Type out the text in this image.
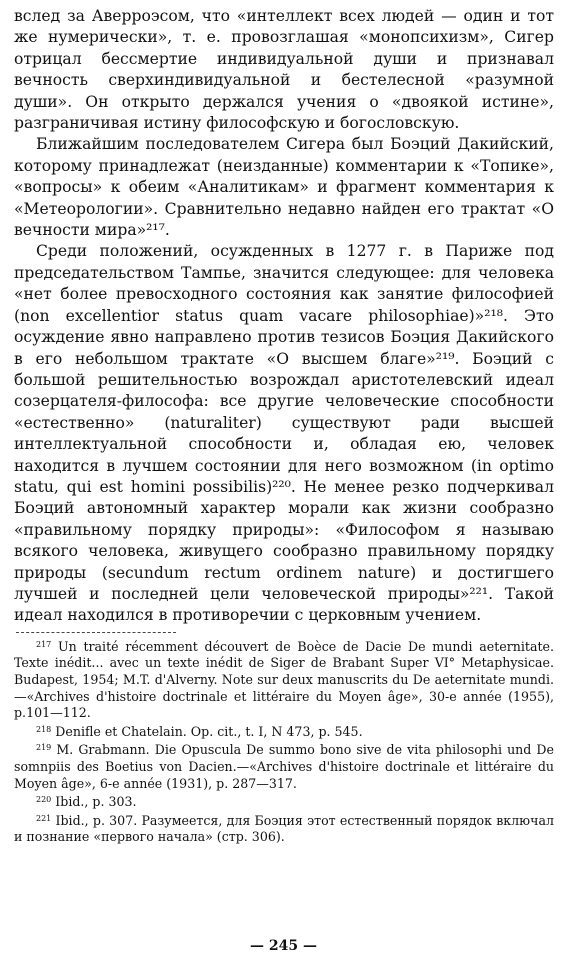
вслед за Аверроэсом, что «интеллект всех людей — один и тот же нумерически», т. е. провозглашая «монопсихизм», Сигер отрицал бессмертие индивидуальной души и признавал вечность сверхиндивидуальной и бестелесной «разумной души». Он открыто держался учения о «двоякой истине», разграничивая истину философскую и богословскую.

Ближайшим последователем Сигера был Боэций Дакийский, которому принадлежат (неизданные) комментарии к «Топике», «вопросы» к обеим «Аналитикам» и фрагмент комментария к «Метеорологии». Сравнительно недавно найден его трактат «О вечности мира»²¹⁷.

Среди положений, осужденных в 1277 г. в Париже под председательством Тампье, значится следующее: для человека «нет более превосходного состояния как занятие философией (non excellentior status quam vacare philosophiae)»²¹⁸. Это осуждение явно направлено против тезисов Боэция Дакийского в его небольшом трактате «О высшем благе»²¹⁹. Боэций с большой решительностью возрождал аристотелевский идеал созерцателя-философа: все другие человеческие способности «естественно» (naturaliter) существуют ради высшей интеллектуальной способности и, обладая ею, человек находится в лучшем состоянии для него возможном (in optimo statu, qui est homini possibilis)²²⁰. Не менее резко подчеркивал Боэций автономный характер морали как жизни сообразно «правильному порядку природы»: «Философом я называю всякого человека, живущего сообразно правильному порядку природы (secundum rectum ordinem nature) и достигшего лучшей и последней цели человеческой природы»²²¹. Такой идеал находился в противоречии с церковным учением.

$^{217}$ Un traité récemment découvert de Boèce de Dacie De mundi aeternitate. Texte inédit... avec un texte inédit de Siger de Brabant Super VI° Metaphysicae. Budapest, 1954; M.T. d'Alverny. Note sur deux manuscrits du De aeternitate mundi.—«Archives d'histoire doctrinale et littéraire du Moyen âge», 30-e année (1955), p.101—112.

$^{218}$ Denifle et Chatelain. Op. cit., t. I, N 473, p. 545.

$^{219}$ M. Grabmann. Die Opuscula De summo bono sive de vita philosophi und De somnpiis des Boetius von Dacien.—«Archives d'histoire doctrinale et littéraire du Moyen âge», 6-e année (1931), p. 287—317.

$^{220}$ Ibid., p. 303.

$^{221}$ Ibid., p. 307. Разумеется, для Боэция этот естественный порядок включал и познание «первого начала» (стр. 306).

— 245 —
